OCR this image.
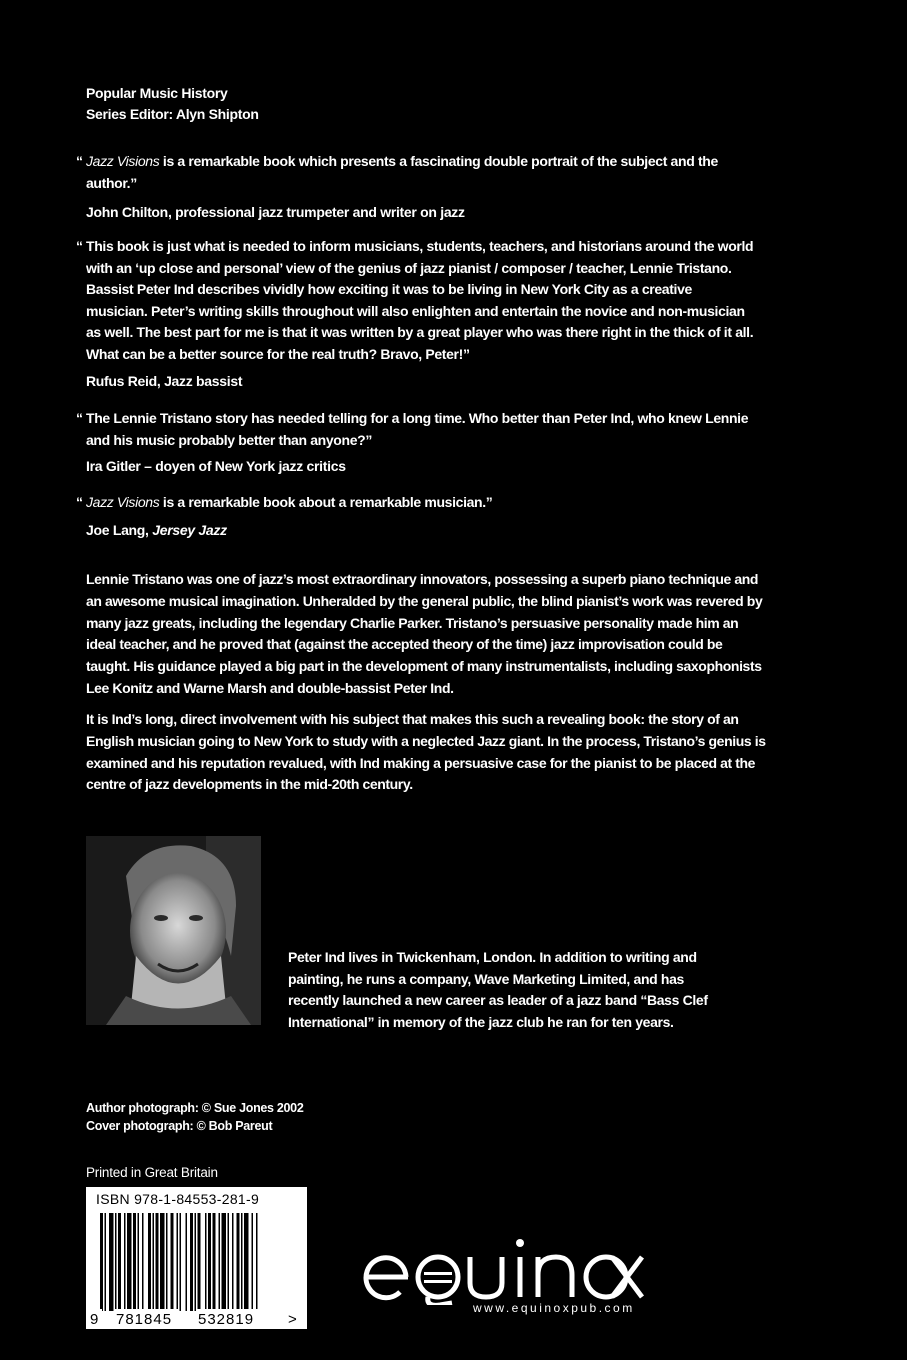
Popular Music History
Series Editor: Alyn Shipton
“ Jazz Visions is a remarkable book which presents a fascinating double portrait of the subject and the author.”
John Chilton, professional jazz trumpeter and writer on jazz
“ This book is just what is needed to inform musicians, students, teachers, and historians around the world with an ‘up close and personal’ view of the genius of jazz pianist / composer / teacher, Lennie Tristano. Bassist Peter Ind describes vividly how exciting it was to be living in New York City as a creative musician. Peter’s writing skills throughout will also enlighten and entertain the novice and non-musician as well. The best part for me is that it was written by a great player who was there right in the thick of it all. What can be a better source for the real truth? Bravo, Peter!”
Rufus Reid, Jazz bassist
“ The Lennie Tristano story has needed telling for a long time. Who better than Peter Ind, who knew Lennie and his music probably better than anyone?”
Ira Gitler – doyen of New York jazz critics
“ Jazz Visions is a remarkable book about a remarkable musician.”
Joe Lang, Jersey Jazz
Lennie Tristano was one of jazz’s most extraordinary innovators, possessing a superb piano technique and an awesome musical imagination. Unheralded by the general public, the blind pianist’s work was revered by many jazz greats, including the legendary Charlie Parker. Tristano’s persuasive personality made him an ideal teacher, and he proved that (against the accepted theory of the time) jazz improvisation could be taught. His guidance played a big part in the development of many instrumentalists, including saxophonists Lee Konitz and Warne Marsh and double-bassist Peter Ind.
It is Ind’s long, direct involvement with his subject that makes this such a revealing book: the story of an English musician going to New York to study with a neglected Jazz giant. In the process, Tristano’s genius is examined and his reputation revalued, with Ind making a persuasive case for the pianist to be placed at the centre of jazz developments in the mid-20th century.
Peter Ind lives in Twickenham, London. In addition to writing and painting, he runs a company, Wave Marketing Limited, and has recently launched a new career as leader of a jazz band “Bass Clef International” in memory of the jazz club he ran for ten years.
Author photograph: © Sue Jones 2002
Cover photograph: © Bob Pareut
Printed in Great Britain
ISBN 978-1-84553-281-9
9 781845 532819 >
www.equinoxpub.com
